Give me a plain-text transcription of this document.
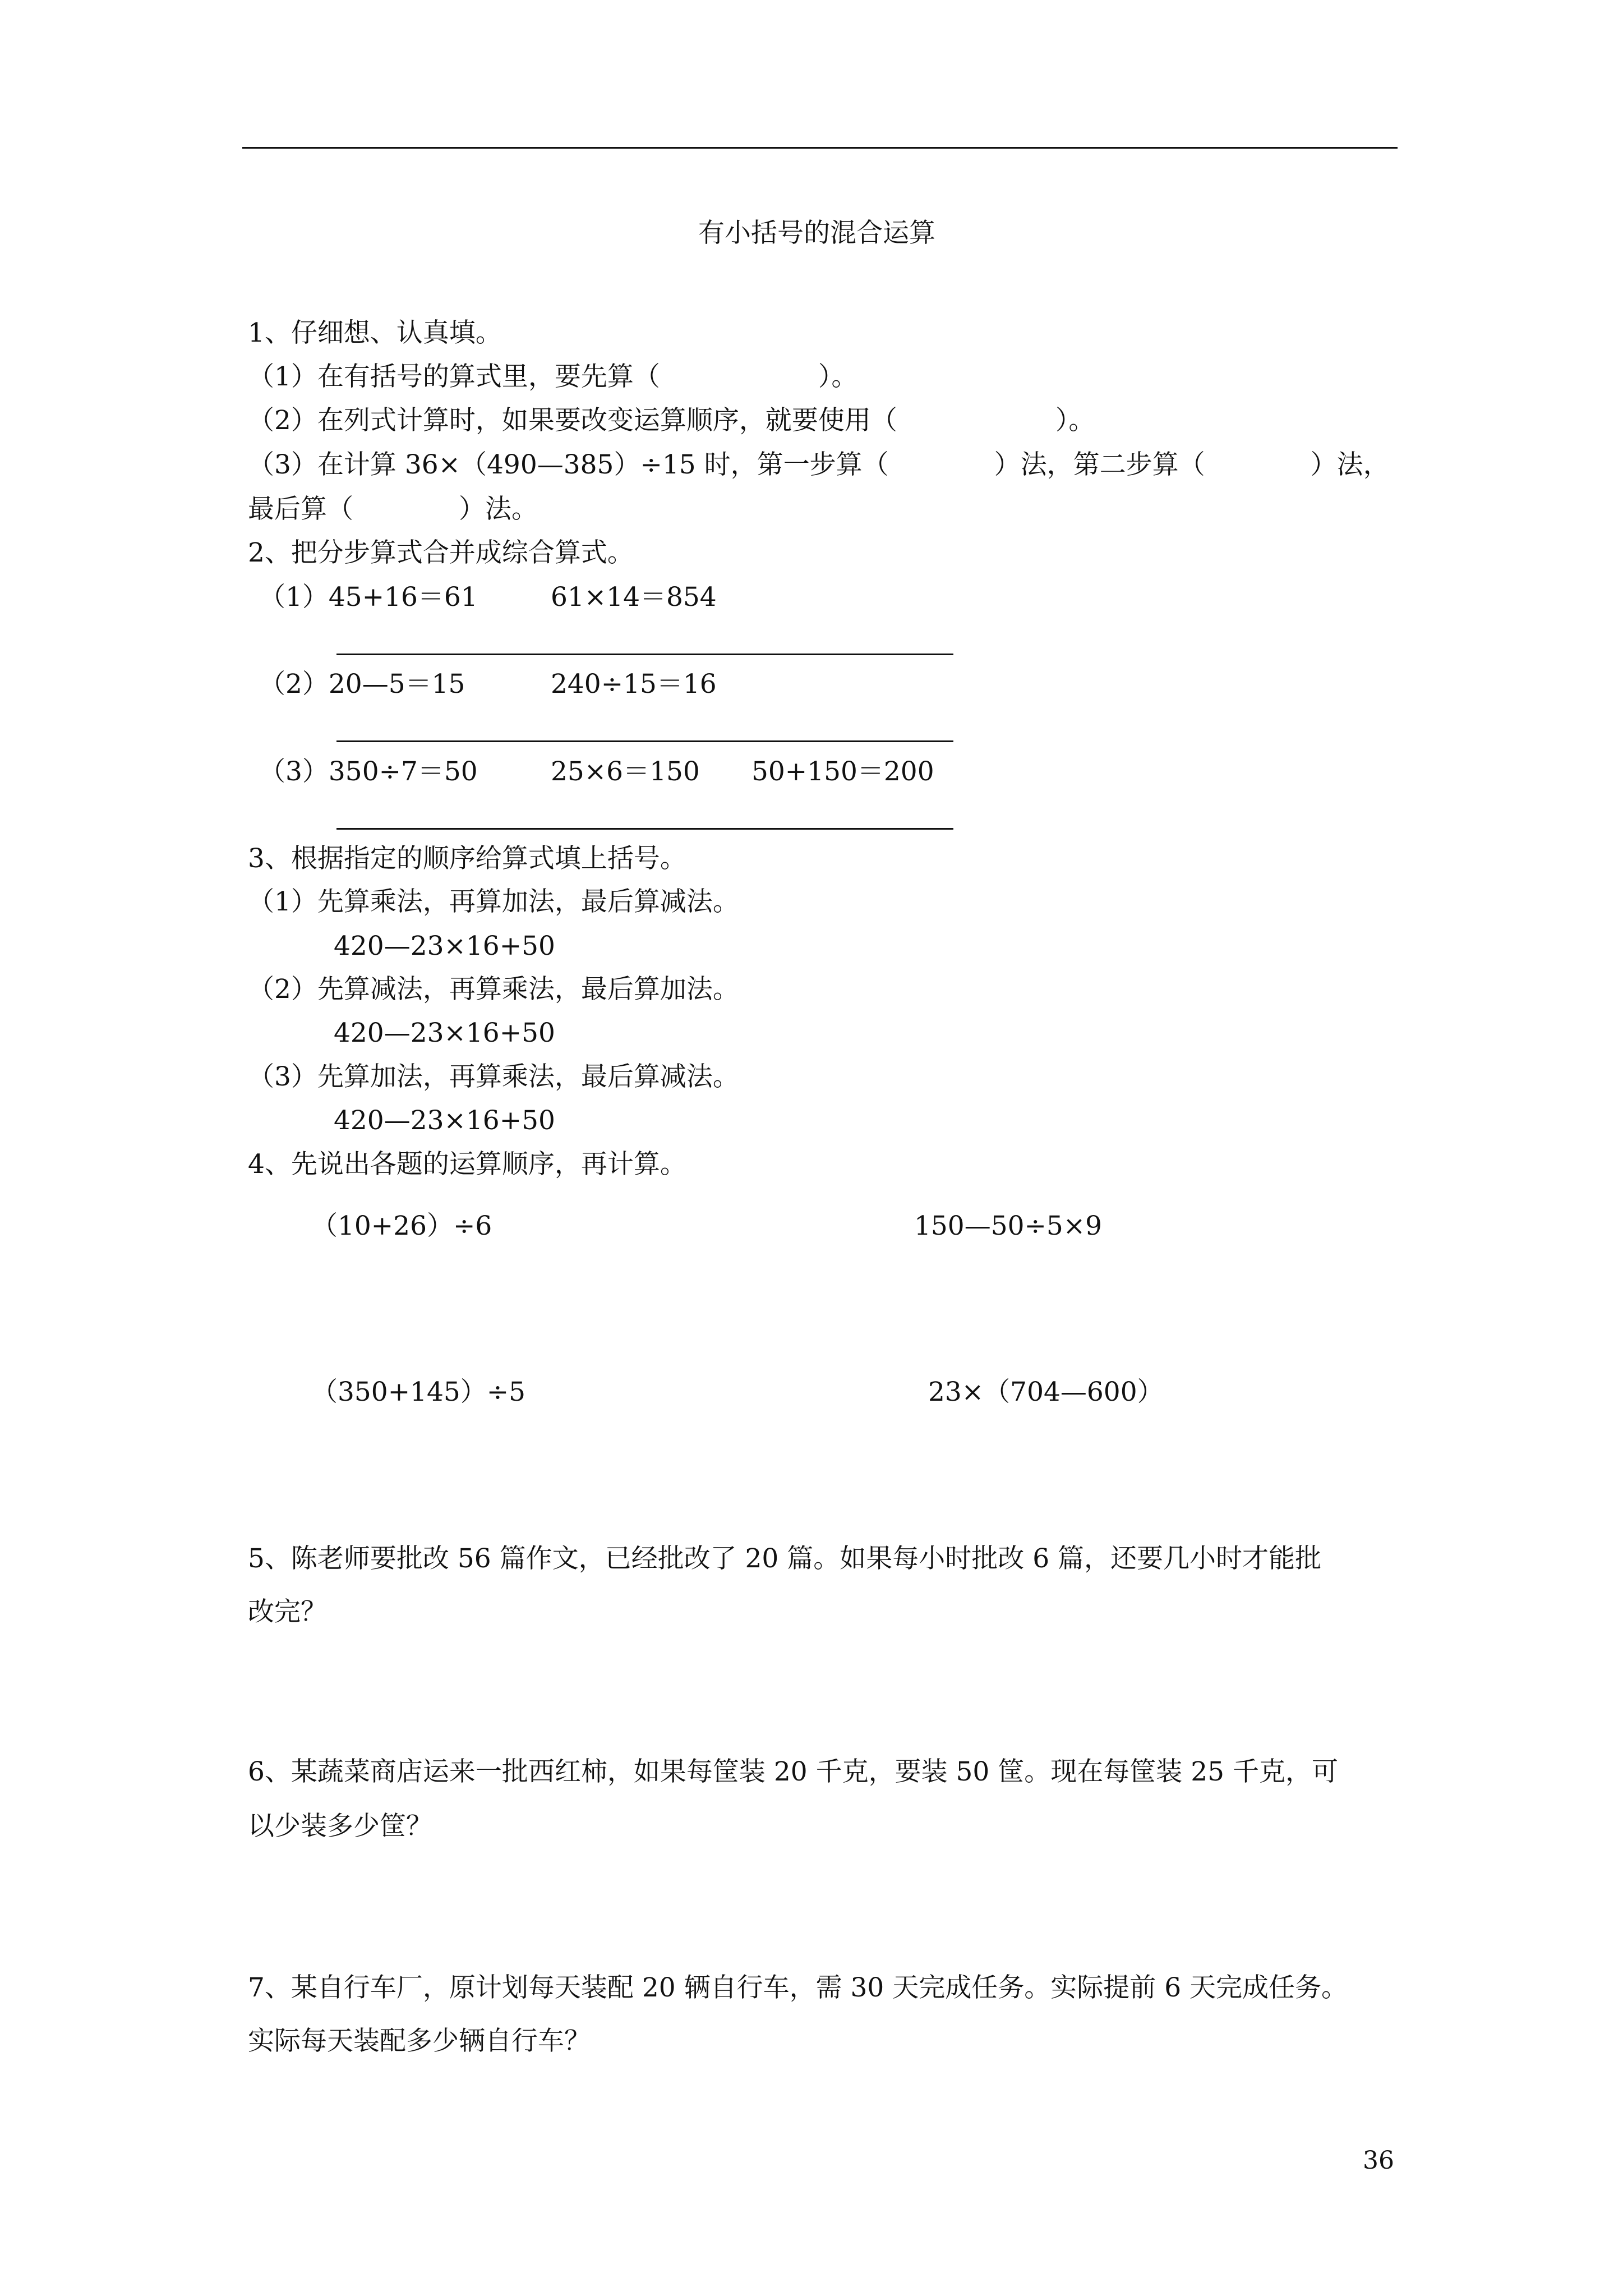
有小括号的混合运算
1、仔细想、认真填。
（1）在有括号的算式里，要先算（　　　　　　）。
（2）在列式计算时，如果要改变运算顺序，就要使用（　　　　　　）。
（3）在计算 36×（490—385）÷15 时，第一步算（　　　　）法，第二步算（　　　　）法，
最后算（　　　　）法。
2、把分步算式合并成综合算式。
（1）45+16＝61	61×14＝854
（2）20—5＝15	240÷15＝16
（3）350÷7＝50	25×6＝150 50+150＝200
3、根据指定的顺序给算式填上括号。
（1）先算乘法，再算加法，最后算减法。
420—23×16+50
（2）先算减法，再算乘法，最后算加法。
420—23×16+50
（3）先算加法，再算乘法，最后算减法。
420—23×16+50
4、先说出各题的运算顺序，再计算。
（10+26）÷6	150—50÷5×9
（350+145）÷5	23×（704—600）
5、陈老师要批改 56 篇作文，已经批改了 20 篇。如果每小时批改 6 篇，还要几小时才能批
改完？
6、某蔬菜商店运来一批西红柿，如果每筐装 20 千克，要装 50 筐。现在每筐装 25 千克，可
以少装多少筐？
7、某自行车厂，原计划每天装配 20 辆自行车，需 30 天完成任务。实际提前 6 天完成任务。
实际每天装配多少辆自行车？
36
